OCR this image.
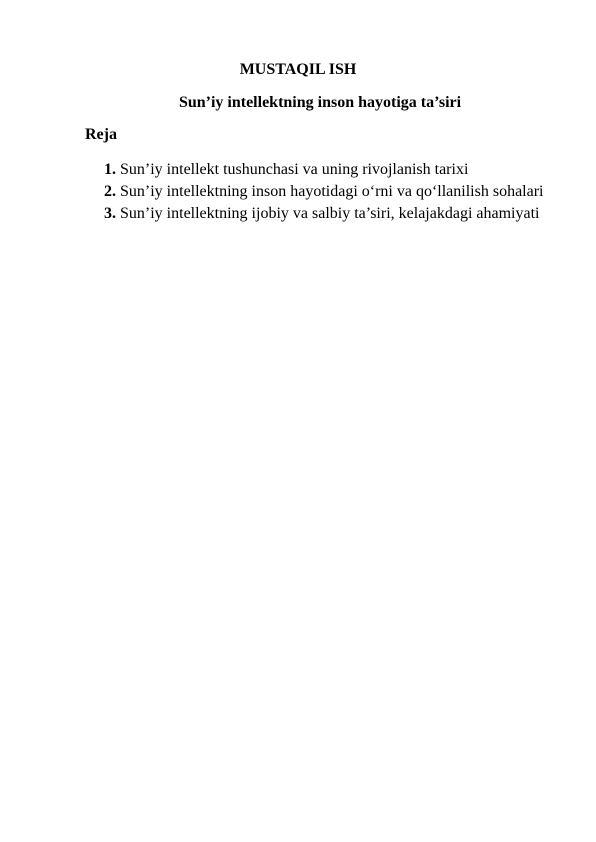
MUSTAQIL ISH
Sun’iy intellektning inson hayotiga ta’siri
Reja
1. Sun’iy intellekt tushunchasi va uning rivojlanish tarixi
2. Sun’iy intellektning inson hayotidagi o‘rni va qo‘llanilish sohalari
3. Sun’iy intellektning ijobiy va salbiy ta’siri, kelajakdagi ahamiyati
